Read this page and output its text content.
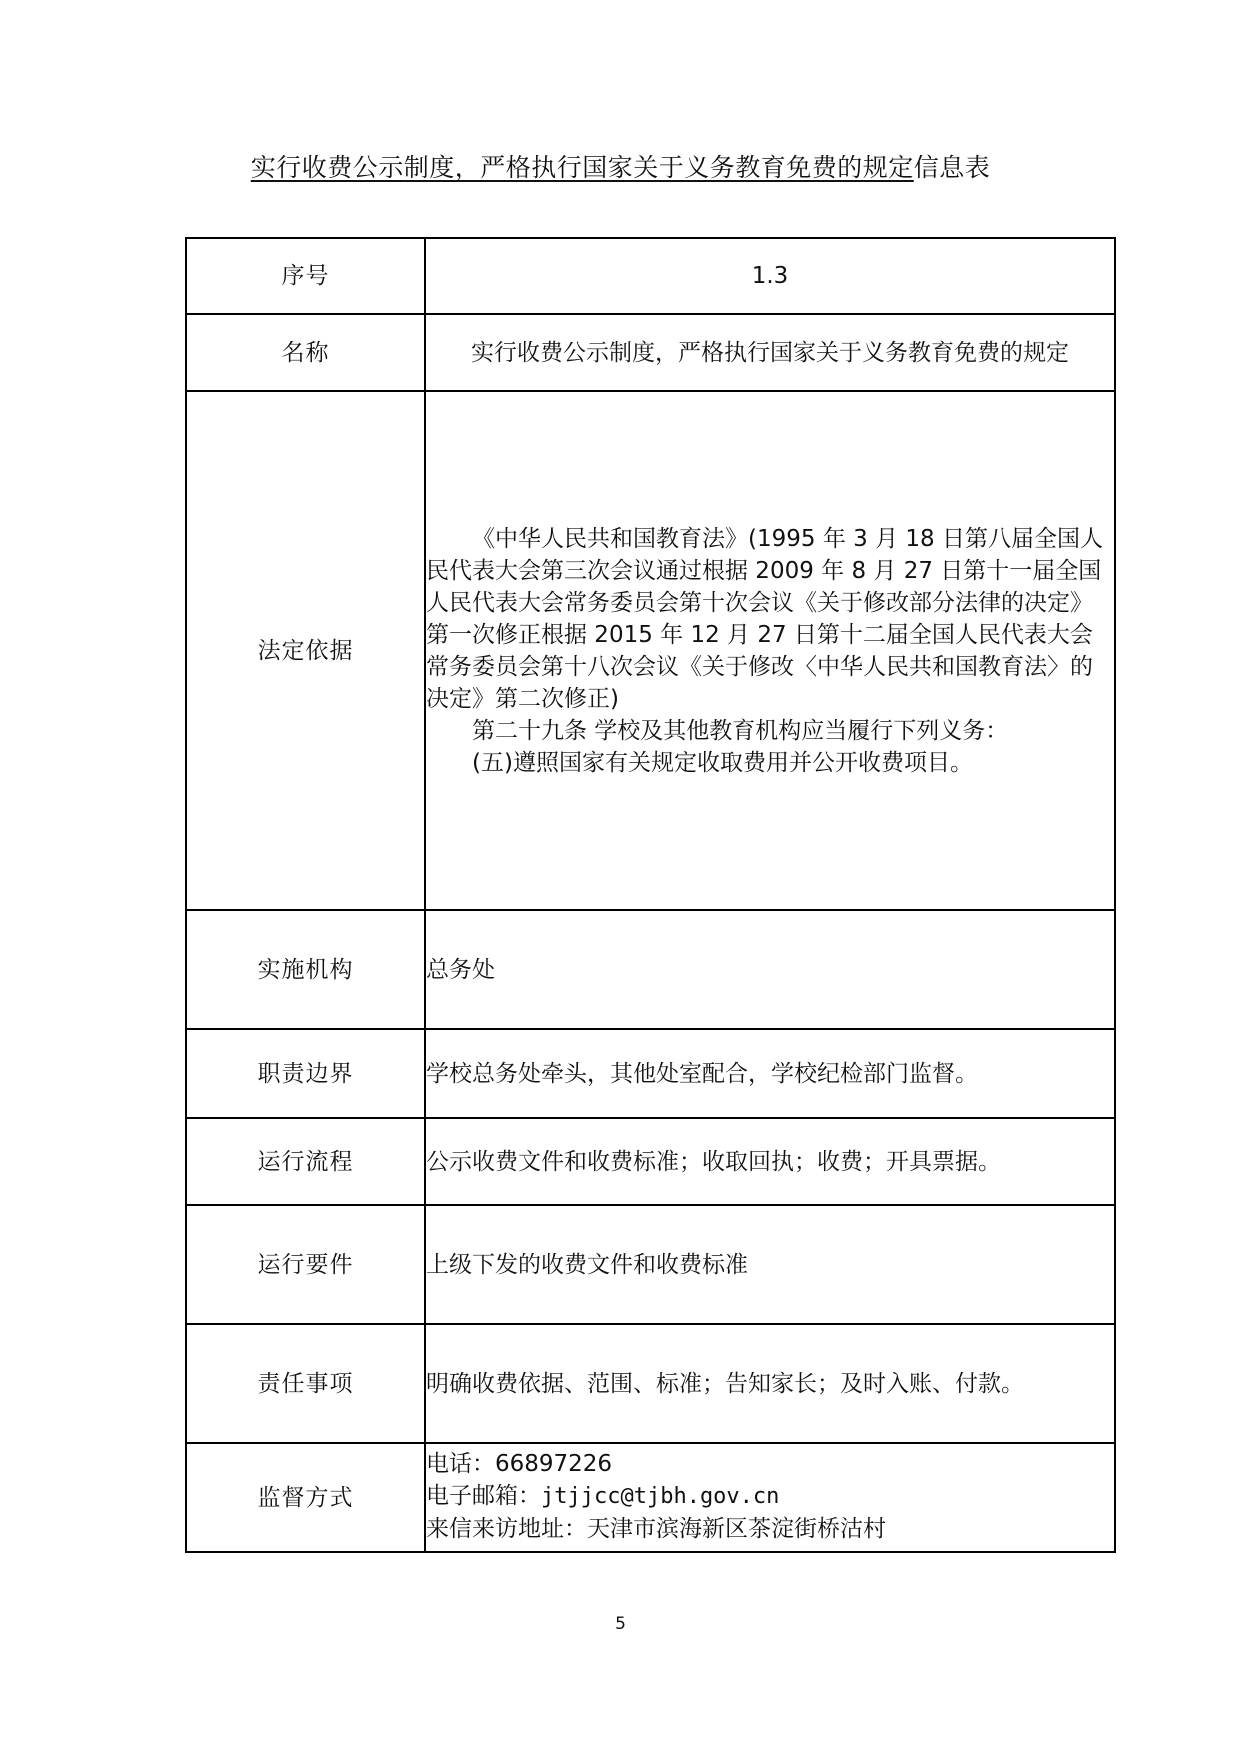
实行收费公示制度，严格执行国家关于义务教育免费的规定信息表
序号	1.3
名称	实行收费公示制度，严格执行国家关于义务教育免费的规定
法定依据	《中华人民共和国教育法》(1995 年 3 月 18 日第八届全国人民代表大会第三次会议通过根据 2009 年 8 月 27 日第十一届全国人民代表大会常务委员会第十次会议《关于修改部分法律的决定》第一次修正根据 2015 年 12 月 27 日第十二届全国人民代表大会常务委员会第十八次会议《关于修改〈中华人民共和国教育法〉的决定》第二次修正)

第二十九条 学校及其他教育机构应当履行下列义务：

(五)遵照国家有关规定收取费用并公开收费项目。

实施机构	总务处
职责边界	学校总务处牵头，其他处室配合，学校纪检部门监督。
运行流程	公示收费文件和收费标准；收取回执；收费；开具票据。
运行要件	上级下发的收费文件和收费标准
责任事项	明确收费依据、范围、标准；告知家长；及时入账、付款。
监督方式	电话：66897226
电子邮箱：jtjjcc@tjbh.gov.cn
来信来访地址：天津市滨海新区茶淀街桥沽村
5
